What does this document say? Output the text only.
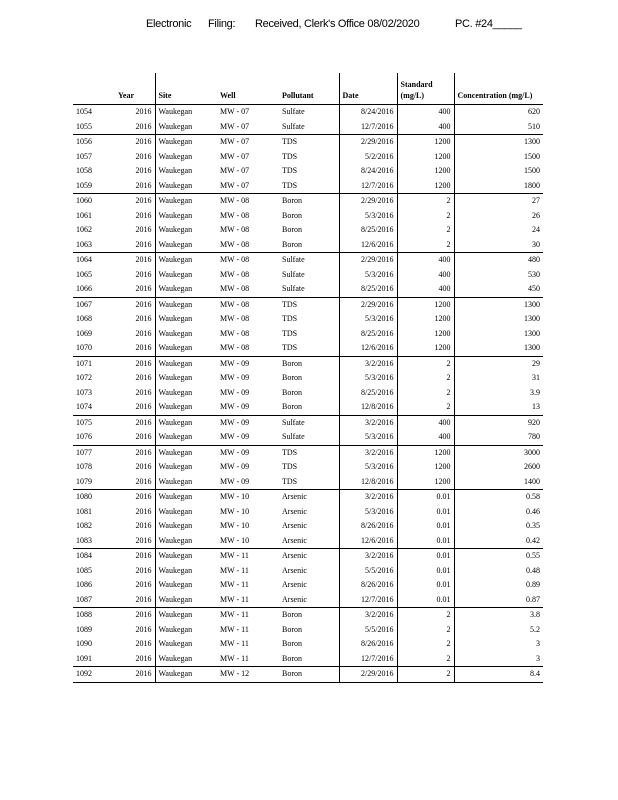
Electronic Filing: Received, Clerk's Office 08/02/2020	PC. #24_____
	Year	Site	Well	Pollutant	Date	Standard (mg/L)	Concentration (mg/L)
1054	2016	Waukegan	MW - 07	Sulfate	8/24/2016	400	620
1055	2016	Waukegan	MW - 07	Sulfate	12/7/2016	400	510
1056	2016	Waukegan	MW - 07	TDS	2/29/2016	1200	1300
1057	2016	Waukegan	MW - 07	TDS	5/2/2016	1200	1500
1058	2016	Waukegan	MW - 07	TDS	8/24/2016	1200	1500
1059	2016	Waukegan	MW - 07	TDS	12/7/2016	1200	1800
1060	2016	Waukegan	MW - 08	Boron	2/29/2016	2	27
1061	2016	Waukegan	MW - 08	Boron	5/3/2016	2	26
1062	2016	Waukegan	MW - 08	Boron	8/25/2016	2	24
1063	2016	Waukegan	MW - 08	Boron	12/6/2016	2	30
1064	2016	Waukegan	MW - 08	Sulfate	2/29/2016	400	480
1065	2016	Waukegan	MW - 08	Sulfate	5/3/2016	400	530
1066	2016	Waukegan	MW - 08	Sulfate	8/25/2016	400	450
1067	2016	Waukegan	MW - 08	TDS	2/29/2016	1200	1300
1068	2016	Waukegan	MW - 08	TDS	5/3/2016	1200	1300
1069	2016	Waukegan	MW - 08	TDS	8/25/2016	1200	1300
1070	2016	Waukegan	MW - 08	TDS	12/6/2016	1200	1300
1071	2016	Waukegan	MW - 09	Boron	3/2/2016	2	29
1072	2016	Waukegan	MW - 09	Boron	5/3/2016	2	31
1073	2016	Waukegan	MW - 09	Boron	8/25/2016	2	3.9
1074	2016	Waukegan	MW - 09	Boron	12/8/2016	2	13
1075	2016	Waukegan	MW - 09	Sulfate	3/2/2016	400	920
1076	2016	Waukegan	MW - 09	Sulfate	5/3/2016	400	780
1077	2016	Waukegan	MW - 09	TDS	3/2/2016	1200	3000
1078	2016	Waukegan	MW - 09	TDS	5/3/2016	1200	2600
1079	2016	Waukegan	MW - 09	TDS	12/8/2016	1200	1400
1080	2016	Waukegan	MW - 10	Arsenic	3/2/2016	0.01	0.58
1081	2016	Waukegan	MW - 10	Arsenic	5/3/2016	0.01	0.46
1082	2016	Waukegan	MW - 10	Arsenic	8/26/2016	0.01	0.35
1083	2016	Waukegan	MW - 10	Arsenic	12/6/2016	0.01	0.42
1084	2016	Waukegan	MW - 11	Arsenic	3/2/2016	0.01	0.55
1085	2016	Waukegan	MW - 11	Arsenic	5/5/2016	0.01	0.48
1086	2016	Waukegan	MW - 11	Arsenic	8/26/2016	0.01	0.89
1087	2016	Waukegan	MW - 11	Arsenic	12/7/2016	0.01	0.87
1088	2016	Waukegan	MW - 11	Boron	3/2/2016	2	3.8
1089	2016	Waukegan	MW - 11	Boron	5/5/2016	2	5.2
1090	2016	Waukegan	MW - 11	Boron	8/26/2016	2	3
1091	2016	Waukegan	MW - 11	Boron	12/7/2016	2	3
1092	2016	Waukegan	MW - 12	Boron	2/29/2016	2	8.4
